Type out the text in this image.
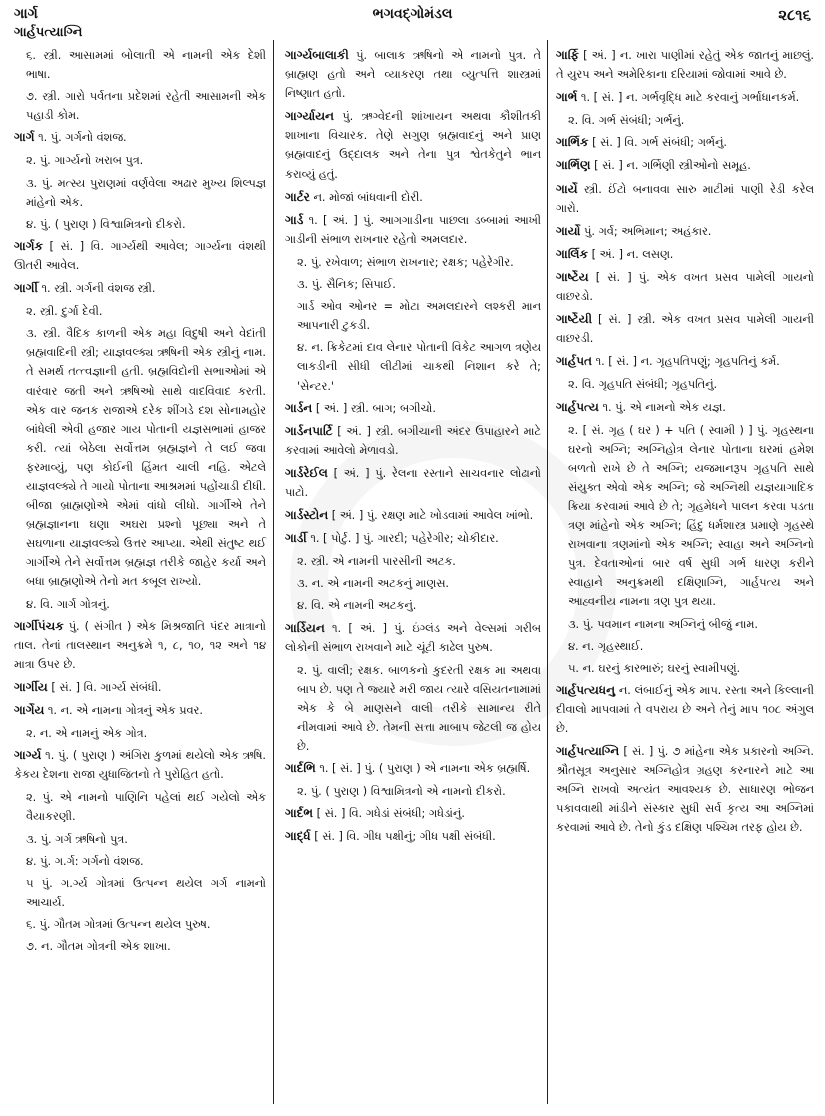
ગાર્ગ	ભગવદ્ગોમંડલ	૨૮૧૬
ગાર્હપત્યાગ્નિ
૬. સ્ત્રી. આસામમાં બોલાતી એ નામની એક દેશી ભાષા.
૭. સ્ત્રી. ગારો પર્વતના પ્રદેશમાં રહેતી આસામની એક પહાડી કોમ.
ગાર્ગ ૧. પું. ગર્ગનો વંશજ.
૨. પું. ગાર્ગ્યનો ખરાબ પુત્ર.
૩. પું. મત્સ્ય પુરાણમાં વર્ણવેલા અઢાર મુખ્ય શિલ્પજ્ઞ માંહેનો એક.
૪. પું. ( પુરાણ ) વિશ્વામિત્રનો દીકરો.
ગાર્ગક [ સં. ] વિ. ગાર્ગ્યથી આવેલ; ગાર્ગ્યના વંશથી ઊતરી આવેલ.
ગાર્ગી ૧. સ્ત્રી. ગર્ગની વંશજ સ્ત્રી.
૨. સ્ત્રી. દુર્ગા દેવી.
૩. સ્ત્રી. વૈદિક કાળની એક મહા વિદુષી અને વેદાંતી બ્રહ્મવાદિની સ્ત્રી; યાજ્ઞવલ્ક્ય ઋષિની એક સ્ત્રીનું નામ. તે સમર્થ તત્ત્વજ્ઞાની હતી. બ્રહ્મવિદોની સભાઓમાં એ વારંવાર જતી અને ઋષિઓ સાથે વાદવિવાદ કરતી. એક વાર જનક રાજાએ દરેક શીંગડે દશ સોનામહોર બાંધેલી એવી હજાર ગાય પોતાની યજ્ઞસભામાં હાજર કરી. ત્યાં બેઠેલા સર્વોત્તમ બ્રહ્મજ્ઞને તે લઈ જવા ફરમાવ્યું, પણ કોઈની હિંમત ચાલી નહિ. એટલે યાજ્ઞવલ્ક્યે તે ગાયો પોતાના આશ્રમમાં પહોંચાડી દીધી. બીજા બ્રાહ્મણોએ એમાં વાંધો લીધો. ગાર્ગીએ તેને બ્રહ્મજ્ઞાનના ઘણા અઘરા પ્રશ્નો પૂછ્યા અને તે સઘળાના યાજ્ઞવલ્ક્યે ઉત્તર આપ્યા. એથી સંતુષ્ટ થઈ ગાર્ગીએ તેને સર્વોત્તમ બ્રહ્મજ્ઞ તરીકે જાહેર કર્યા અને બધા બ્રાહ્મણોએ તેનો મત કબૂલ રાખ્યો.
૪. વિ. ગાર્ગ ગોત્રનું.
ગાર્ગીપંચક પું. ( સંગીત ) એક મિશ્રજાતિ પંદર માત્રાનો તાલ. તેનાં તાલસ્થાન અનુક્રમે ૧, ૮, ૧૦, ૧૨ અને ૧૪ માત્રા ઉપર છે.
ગાર્ગીય [ સં. ] વિ. ગાર્ગ્ય સંબંધી.
ગાર્ગેય ૧. ન. એ નામના ગોત્રનું એક પ્રવર.
૨. ન. એ નામનું એક ગોત્ર.
ગાર્ગ્ય ૧. પું. ( પુરાણ ) અંગિરા કુળમાં થયેલો એક ઋષિ. કેકય દેશના રાજા યુધાજિતનો તે પુરોહિત હતો.
૨. પું. એ નામનો પાણિનિ પહેલાં થઈ ગયેલો એક વૈયાકરણી.
૩. પું. ગર્ગ ઋષિનો પુત્ર.
૪. પું. ગ.ર્ગ: ગર્ગનો વંશજ.
૫ પું. ગ.ર્ગ્ય ગોત્રમાં ઉત્પન્ન થયેલ ગર્ગ નામનો આચાર્ય.
૬. પું. ગૌતમ ગોત્રમાં ઉત્પન્ન થયેલ પુરુષ.
૭. ન. ગૌતમ ગોત્રની એક શાખા.
ગાર્ગ્યબાલાકી પું. બાલાક ઋષિનો એ નામનો પુત્ર. તે બ્રાહ્મણ હતો અને વ્યાકરણ તથા વ્યુત્પત્તિ શાસ્ત્રમાં નિષ્ણાત હતો.
ગાર્ગ્યાયન પું. ઋગ્વેદની શાંખાયન અથવા કૌશીતકી શાખાના વિચારક. તેણે સગુણ બ્રહ્મવાદનું અને પ્રાણ બ્રહ્મવાદનું ઉદ્દાલક અને તેના પુત્ર શ્વેતકેતુને ભાન કરાવ્યું હતું.
ગાર્ટર ન. મોજાં બાંધવાની દોરી.
ગાર્ડ ૧. [ અં. ] પું. આગગાડીના પાછલા ડબ્બામાં આખી ગાડીની સંભાળ રાખનાર રહેતો અમલદાર.
૨. પું. રખેવાળ; સંભાળ રાખનાર; રક્ષક; પહેરેગીર.
૩. પું. સૈનિક; સિપાઈ.
ગાર્ડ ઓવ ઓનર = મોટા અમલદારને લશ્કરી માન આપનારી ટુકડી.
૪. ન. ક્રિકેટમાં દાવ લેનાર પોતાની વિકેટ આગળ ત્રણેય લાકડીની સીધી લીટીમાં ચાકથી નિશાન કરે તે; 'સેન્ટર.'
ગાર્ડન [ અં. ] સ્ત્રી. બાગ; બગીચો.
ગાર્ડનપાર્ટિ [ અં. ] સ્ત્રી. બગીચાની અંદર ઉપાહારને માટે કરવામાં આવેલો મેળાવડો.
ગાર્ડરેઈલ [ અં. ] પું. રેલના રસ્તાને સાચવનાર લોઢાનો પાટો.
ગાર્ડસ્ટોન [ અં. ] પું. રક્ષણ માટે ખોડવામાં આવેલ ખાંભો.
ગાર્ડી ૧. [ પોર્ટુ. ] પું. ગારદી; પહેરેગીર; ચોકીદાર.
૨. સ્ત્રી. એ નામની પારસીની અટક.
૩. ન. એ નામની અટકનું માણસ.
૪. વિ. એ નામની અટકનું.
ગાર્ડિયન ૧. [ અં. ] પું. ઇંગ્લંડ અને વેલ્સમાં ગરીબ લોકોની સંભાળ રાખવાને માટે ચૂંટી કાઢેલ પુરુષ.
૨. પું. વાલી; રક્ષક. બાળકનો કુદરતી રક્ષક મા અથવા બાપ છે. પણ તે જ્યારે મરી જાય ત્યારે વસિયતનામામાં એક કે બે માણસને વાલી તરીકે સામાન્ય રીતે નીમવામાં આવે છે. તેમની સત્તા માબાપ જેટલી જ હોય છે.
ગાર્દભિ ૧. [ સં. ] પું. ( પુરાણ ) એ નામના એક બ્રહ્મર્ષિ.
૨. પું. ( પુરાણ ) વિશ્વામિત્રનો એ નામનો દીકરો.
ગાર્દભ [ સં. ] વિ. ગધેડાં સંબંધી; ગધેડાંનું.
ગાર્દ્ધ [ સં. ] વિ. ગીધ પક્ષીનું; ગીધ પક્ષી સંબંધી.
ગાર્ફિ [ અં. ] ન. ખારા પાણીમાં રહેતું એક જાતનું માછલું. તે યુરપ અને અમેરિકાના દરિયામાં જોવામાં આવે છે.
ગાર્ભ ૧. [ સં. ] ન. ગર્ભવૃદ્ધિ માટે કરવાનું ગર્ભાધાનકર્મ.
૨. વિ. ગર્ભ સંબંધી; ગર્ભનું.
ગાર્ભિક [ સં. ] વિ. ગર્ભ સંબંધી; ગર્ભનું.
ગાર્ભિણ [ સં. ] ન. ગર્ભિણી સ્ત્રીઓનો સમૂહ.
ગાર્યે સ્ત્રી. ઈંટો બનાવવા સારુ માટીમાં પાણી રેડી કરેલ ગારો.
ગાર્યો પું. ગર્વ; અભિમાન; અહંકાર.
ગાર્લિક [ અં. ] ન. લસણ.
ગાર્ષ્ટેય [ સં. ] પું. એક વખત પ્રસવ પામેલી ગાયનો વાછરડો.
ગાર્ષ્ટેયી [ સં. ] સ્ત્રી. એક વખત પ્રસવ પામેલી ગાયની વાછરડી.
ગાર્હપત ૧. [ સં. ] ન. ગૃહપતિપણું; ગૃહપતિનું કર્મ.
૨. વિ. ગૃહપતિ સંબંધી; ગૃહપતિનું.
ગાર્હપત્ય ૧. પું. એ નામનો એક યજ્ઞ.
૨. [ સં. ગૃહ ( ઘર ) + પતિ ( સ્વામી ) ] પું. ગૃહસ્થના ઘરનો અગ્નિ; અગ્નિહોત્ર લેનાર પોતાના ઘરમાં હમેશ બળતો રાખે છે તે અગ્નિ; યજમાનરૂપ ગૃહપતિ સાથે સંયુક્ત એવો એક અગ્નિ; જે અગ્નિથી યજ્ઞયાગાદિક ક્રિયા કરવામાં આવે છે તે; ગૃહમેધને પાલન કરવા પડતા ત્રણ માંહેનો એક અગ્નિ; હિંદુ ધર્મશાસ્ત્ર પ્રમાણે ગૃહસ્થે રાખવાના ત્રણમાંનો એક અગ્નિ; સ્વાહા અને અગ્નિનો પુત્ર. દેવતાઓનાં બાર વર્ષ સુધી ગર્ભ ધારણ કરીને સ્વાહાને અનુક્રમથી દક્ષિણાગ્નિ, ગાર્હપત્ય અને આહ્વનીય નામના ત્રણ પુત્ર થયા.
૩. પું. પવમાન નામના અગ્નિનું બીજું નામ.
૪. ન. ગૃહસ્થાઈ.
૫. ન. ઘરનું કારભારું; ઘરનું સ્વામીપણું.
ગાર્હપત્યધનુ ન. લંબાઈનું એક માપ. રસ્તા અને કિલ્લાની દીવાલો માપવામાં તે વપરાય છે અને તેનું માપ ૧૦૮ અંગુલ છે.
ગાર્હપત્યાગ્નિ [ સં. ] પું. ૭ માંહેના એક પ્રકારનો અગ્નિ. શ્રૌતસૂત્ર અનુસાર અગ્નિહોત્ર ગ્રહણ કરનારને માટે આ અગ્નિ રાખવો અત્યંત આવશ્યક છે. સાધારણ ભોજન પકાવવાથી માંડીને સંસ્કાર સુધી સર્વ કૃત્ય આ અગ્નિમાં કરવામાં આવે છે. તેનો કુંડ દક્ષિણ પશ્ચિમ તરફ હોય છે.
